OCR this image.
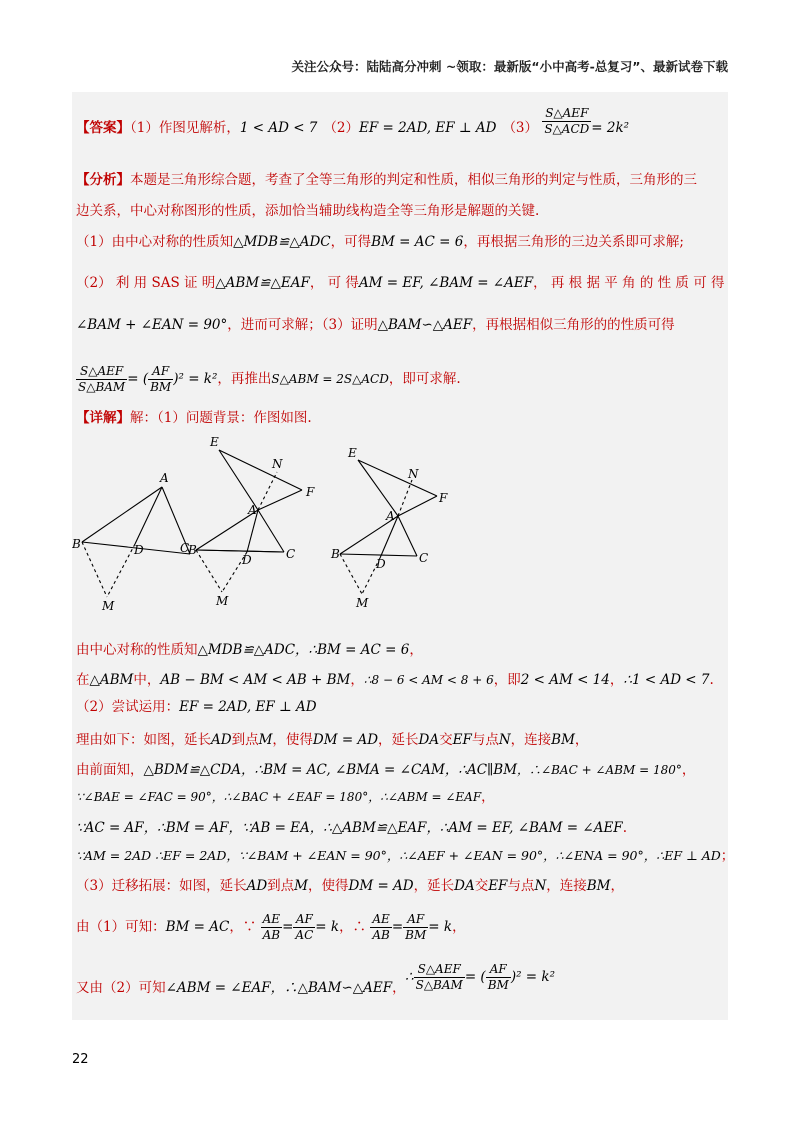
关注公众号：陆陆高分冲刺 ~领取：最新版“小中高考-总复习”、最新试卷下载
【答案】（1）作图见解析，1 < AD < 7 （2）EF = 2AD, EF ⊥ AD $(3) \frac{\text{S△AEF}}{\text{S△ACD}} = 2k^2$
【分析】本题是三角形综合题，考查了全等三角形的判定和性质，相似三角形的判定与性质，三角形的三
边关系，中心对称图形的性质，添加恰当辅助线构造全等三角形是解题的关键.
（1）由中心对称的性质知△MDB≌△ADC，可得BM = AC = 6，再根据三角形的三边关系即可求解;
（2） 利 用 SAS 证 明△ABM≌△EAF， 可 得AM = EF, ∠BAM = ∠AEF， 再 根 据 平 角 的 性 质 可 得
∠BAM + ∠EAN = 90°，进而可求解；（3）证明△BAM∽△AEF，再根据相似三角形的的性质可得
$\frac{\text{S△AEF}}{\text{S△BAM}}$ = ( $\frac{AF}{BM} )^2 = k^2$，再推出S△ABM = 2S△ACD，即可求解.
【详解】解：（1）问题背景：作图如图.
A
B	C
D
M
E
N
F
A
B	C
D
M
E
N
F
A
B	C
D
M
由中心对称的性质知△MDB≌△ADC，∴BM = AC = 6，
在△ABM中，AB − BM < AM < AB + BM，∴8 − 6 < AM < 8 + 6，即2 < AM < 14，∴1 < AD < 7.
（2）尝试运用：EF = 2AD, EF ⊥ AD
理由如下：如图，延长AD到点M，使得DM = AD，延长DA交EF与点N，连接BM，
由前面知，△BDM≌△CDA，∴BM = AC, ∠BMA = ∠CAM，∴AC∥BM，∴∠BAC + ∠ABM = 180°，
∵∠BAE = ∠FAC = 90°，∴∠BAC + ∠EAF = 180°，∴∠ABM = ∠EAF，
∵AC = AF，∴BM = AF，∵AB = EA，∴△ABM≌△EAF，∴AM = EF, ∠BAM = ∠AEF.
∵AM = 2AD ∴EF = 2AD，∵∠BAM + ∠EAN = 90°，∴∠AEF + ∠EAN = 90°，∴∠ENA = 90°，∴EF ⊥ AD；
（3）迁移拓展：如图，延长AD到点M，使得DM = AD，延长DA交EF与点N，连接BM，
由（1）可知：BM = AC，∵ $\frac{AE}{AB} = \frac{AF}{AC} = k$，∴ $\frac{AE}{AB} = \frac{AF}{BM} = k$，
又由（2）可知∠ABM = ∠EAF，∴△BAM∽△AEF，
∴ $\frac{\text{S△AEF}}{\text{S△BAM}}$ = ( $\frac{AF}{BM} )^2 = k^2$
22
